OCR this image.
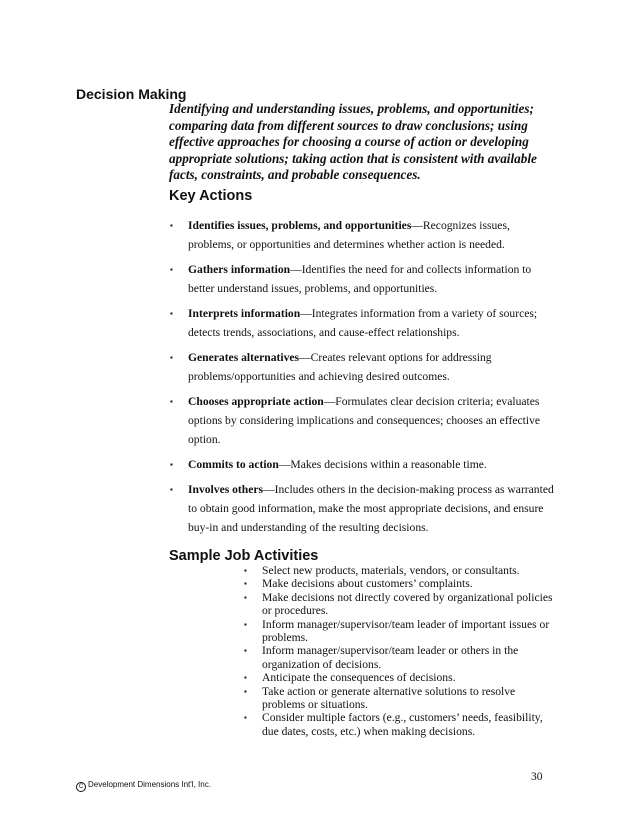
Decision Making

Identifying and understanding issues, problems, and opportunities; comparing data from different sources to draw conclusions; using effective approaches for choosing a course of action or developing appropriate solutions; taking action that is consistent with available facts, constraints, and probable consequences.

Key Actions
▪ Identifies issues, problems, and opportunities—Recognizes issues, problems, or opportunities and determines whether action is needed.
▪ Gathers information—Identifies the need for and collects information to better understand issues, problems, and opportunities.
▪ Interprets information—Integrates information from a variety of sources; detects trends, associations, and cause-effect relationships.
▪ Generates alternatives—Creates relevant options for addressing problems/opportunities and achieving desired outcomes.
▪ Chooses appropriate action—Formulates clear decision criteria; evaluates options by considering implications and consequences; chooses an effective option.
▪ Commits to action—Makes decisions within a reasonable time.
▪ Involves others—Includes others in the decision-making process as warranted to obtain good information, make the most appropriate decisions, and ensure buy-in and understanding of the resulting decisions.
Sample Job Activities
▪ Select new products, materials, vendors, or consultants.
▪ Make decisions about customers’ complaints.
▪ Make decisions not directly covered by organizational policies or procedures.
▪ Inform manager/supervisor/team leader of important issues or problems.
▪ Inform manager/supervisor/team leader or others in the organization of decisions.
▪ Anticipate the consequences of decisions.
▪ Take action or generate alternative solutions to resolve problems or situations.
▪ Consider multiple factors (e.g., customers’ needs, feasibility, due dates, costs, etc.) when making decisions.
30
C Development Dimensions Int'l, Inc.
